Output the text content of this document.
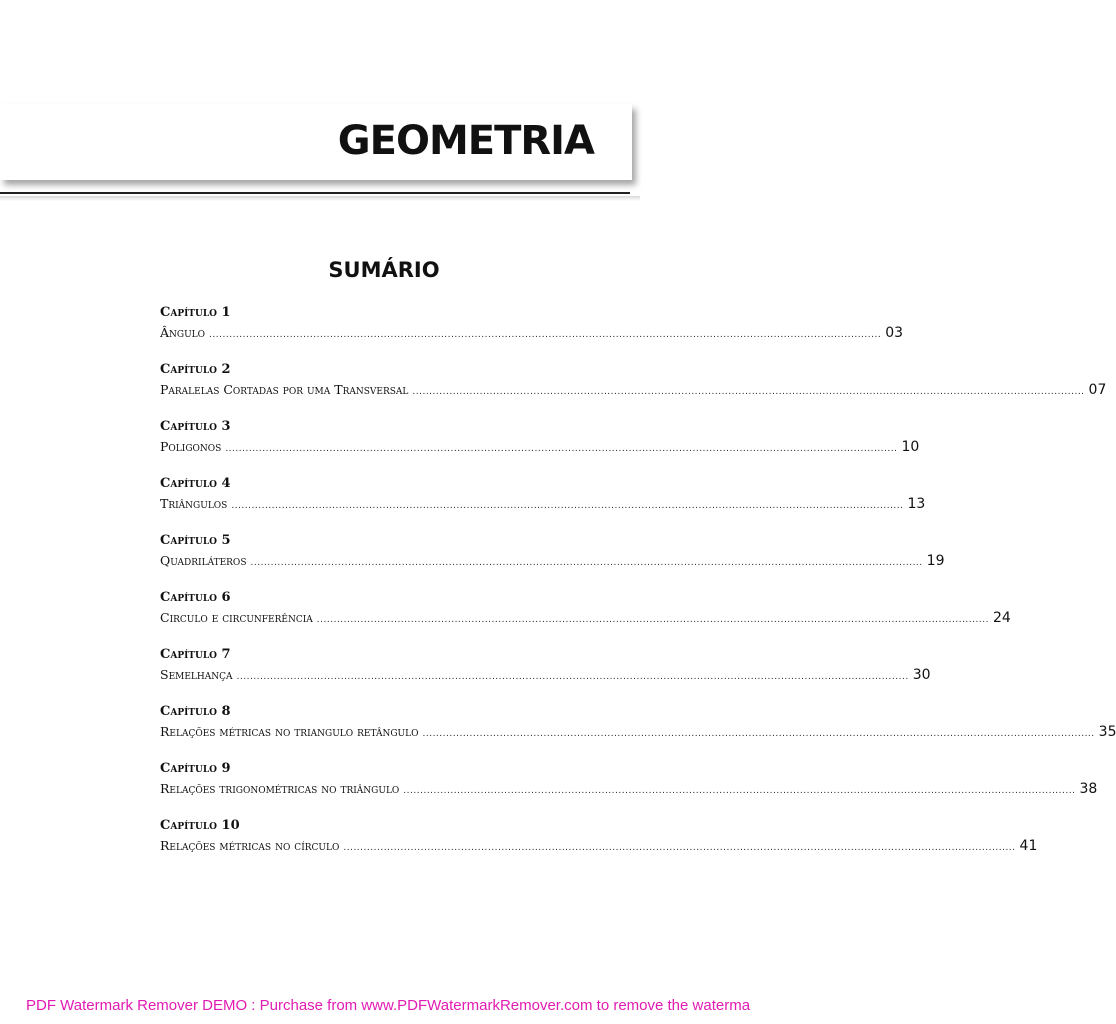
GEOMETRIA
SUMÁRIO
Capítulo 1
Ângulo ........................................................................................................................................................................................................ 03
Capítulo 2
Paralelas Cortadas por uma Transversal ........................................................................................................................................................................................................ 07
Capítulo 3
Poligonos ........................................................................................................................................................................................................ 10
Capítulo 4
Triângulos ........................................................................................................................................................................................................ 13
Capítulo 5
Quadriláteros ........................................................................................................................................................................................................ 19
Capítulo 6
Circulo e circunferência ........................................................................................................................................................................................................ 24
Capítulo 7
Semelhança ........................................................................................................................................................................................................ 30
Capítulo 8
Relações métricas no triangulo retângulo ........................................................................................................................................................................................................ 35
Capítulo 9
Relações trigonométricas no triângulo ........................................................................................................................................................................................................ 38
Capítulo 10
Relações métricas no círculo ........................................................................................................................................................................................................ 41
PDF Watermark Remover DEMO : Purchase from www.PDFWatermarkRemover.com to remove the waterma
